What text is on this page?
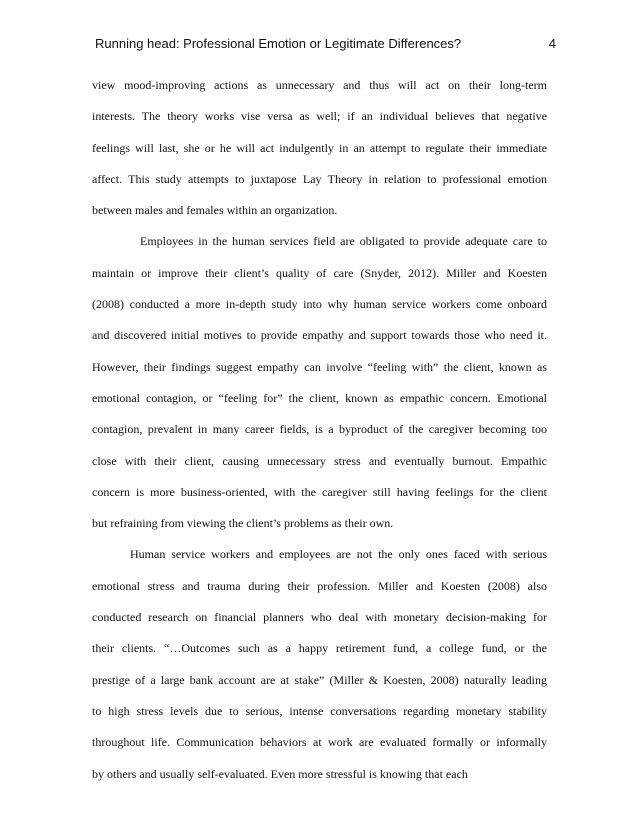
Running head: Professional Emotion or Legitimate Differences?	4
view mood-improving actions as unnecessary and thus will act on their long-term
interests. The theory works vise versa as well; if an individual believes that negative
feelings will last, she or he will act indulgently in an attempt to regulate their immediate
affect. This study attempts to juxtapose Lay Theory in relation to professional emotion
between males and females within an organization.
Employees in the human services field are obligated to provide adequate care to
maintain or improve their client’s quality of care (Snyder, 2012). Miller and Koesten
(2008) conducted a more in-depth study into why human service workers come onboard
and discovered initial motives to provide empathy and support towards those who need it.
However, their findings suggest empathy can involve “feeling with” the client, known as
emotional contagion, or “feeling for” the client, known as empathic concern. Emotional
contagion, prevalent in many career fields, is a byproduct of the caregiver becoming too
close with their client, causing unnecessary stress and eventually burnout. Empathic
concern is more business-oriented, with the caregiver still having feelings for the client
but refraining from viewing the client’s problems as their own.
Human service workers and employees are not the only ones faced with serious
emotional stress and trauma during their profession. Miller and Koesten (2008) also
conducted research on financial planners who deal with monetary decision-making for
their clients. “…Outcomes such as a happy retirement fund, a college fund, or the
prestige of a large bank account are at stake” (Miller & Koesten, 2008) naturally leading
to high stress levels due to serious, intense conversations regarding monetary stability
throughout life. Communication behaviors at work are evaluated formally or informally
by others and usually self-evaluated. Even more stressful is knowing that each
